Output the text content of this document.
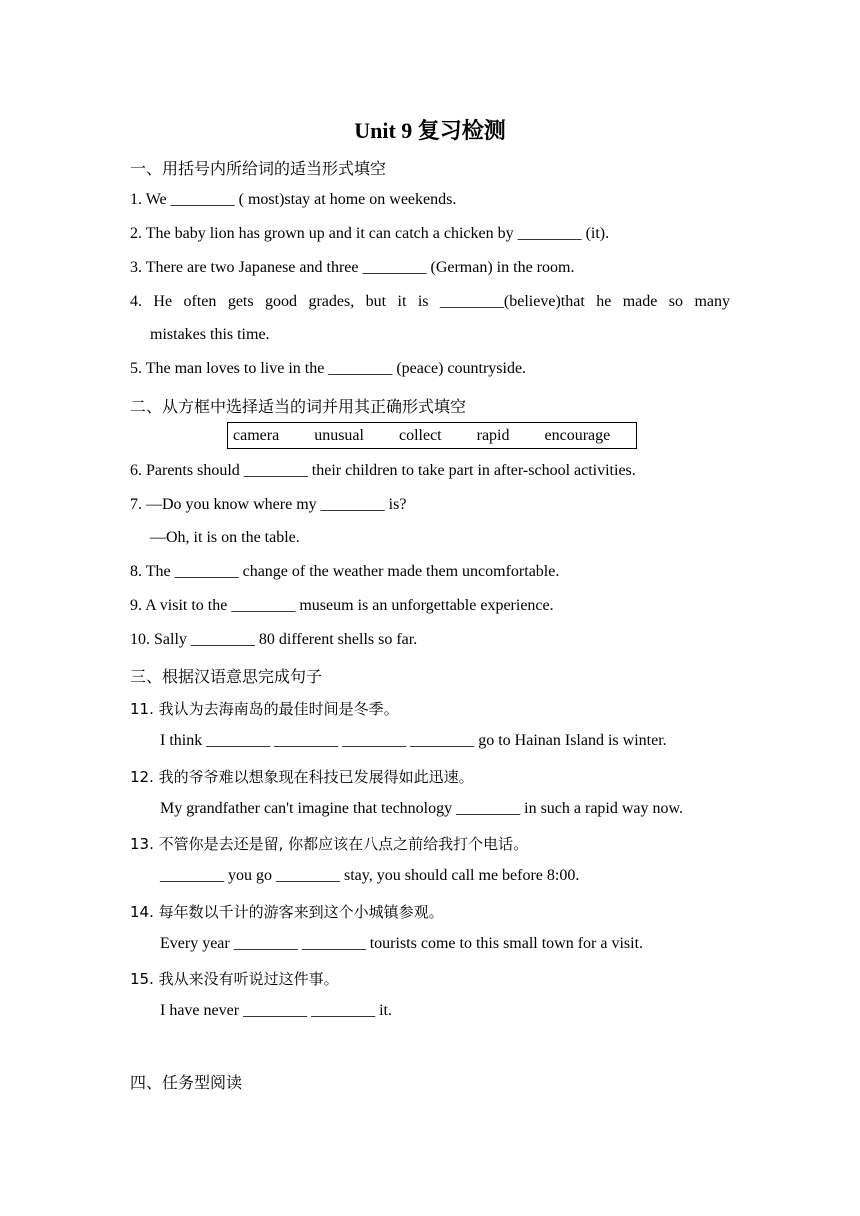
Unit 9 复习检测
一、用括号内所给词的适当形式填空
1. We ________ ( most)stay at home on weekends.
2. The baby lion has grown up and it can catch a chicken by ________ (it).
3. There are two Japanese and three ________ (German) in the room.
4. He often gets good grades, but it is ________(believe)that he made so many
mistakes this time.
5. The man loves to live in the ________ (peace) countryside.
二、从方框中选择适当的词并用其正确形式填空
camera unusual collect rapid encourage
6. Parents should ________ their children to take part in after-school activities.
7. —Do you know where my ________ is?
—Oh, it is on the table.
8. The ________ change of the weather made them uncomfortable.
9. A visit to the ________ museum is an unforgettable experience.
10. Sally ________ 80 different shells so far.
三、根据汉语意思完成句子
11. 我认为去海南岛的最佳时间是冬季。
I think ________ ________ ________ ________ go to Hainan Island is winter.
12. 我的爷爷难以想象现在科技已发展得如此迅速。
My grandfather can't imagine that technology ________ in such a rapid way now.
13. 不管你是去还是留, 你都应该在八点之前给我打个电话。
________ you go ________ stay, you should call me before 8:00.
14. 每年数以千计的游客来到这个小城镇参观。
Every year ________ ________ tourists come to this small town for a visit.
15. 我从来没有听说过这件事。
I have never ________ ________ it.
四、任务型阅读
